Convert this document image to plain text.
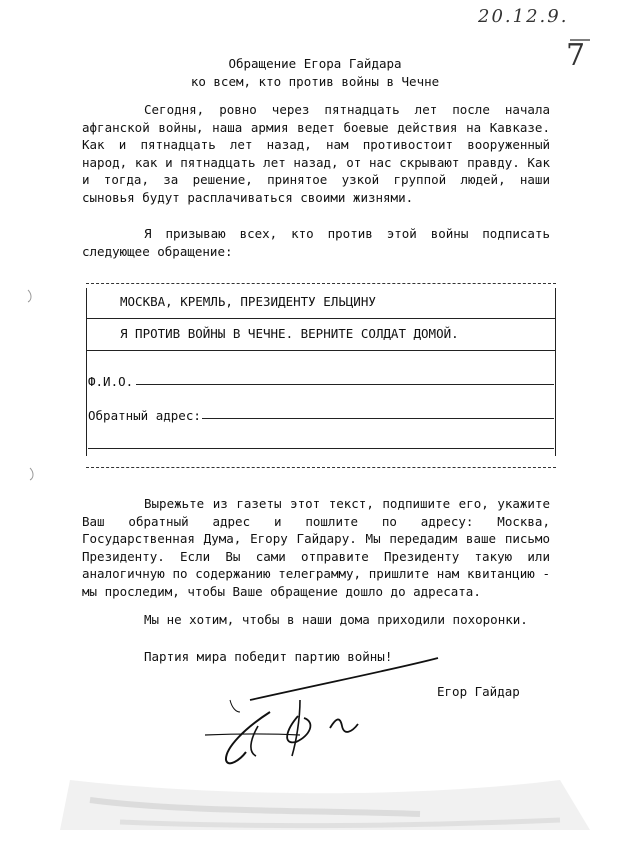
20.12.9.
7
Обращение Егора Гайдара
ко всем, кто против войны в Чечне

Сегодня, ровно через пятнадцать лет после начала афганской войны, наша армия ведет боевые действия на Кавказе. Как и пятнадцать лет назад, нам противостоит вооруженный народ, как и пятнадцать лет назад, от нас скрывают правду. Как и тогда, за решение, принятое узкой группой людей, наши сыновья будут расплачиваться своими жизнями.

Я призываю всех, кто против этой войны подписать следующее обращение:

МОСКВА, КРЕМЛЬ, ПРЕЗИДЕНТУ ЕЛЬЦИНУ
Я ПРОТИВ ВОЙНЫ В ЧЕЧНЕ. ВЕРНИТЕ СОЛДАТ ДОМОЙ.
Ф.И.О.
Обратный адрес:

Вырежьте из газеты этот текст, подпишите его, укажите Ваш обратный адрес и пошлите по адресу: Москва, Государственная Дума, Егору Гайдару. Мы передадим ваше письмо Президенту. Если Вы сами отправите Президенту такую или аналогичную по содержанию телеграмму, пришлите нам квитанцию - мы проследим, чтобы Ваше обращение дошло до адресата.

Мы не хотим, чтобы в наши дома приходили похоронки.
Партия мира победит партию войны!
Егор Гайдар
